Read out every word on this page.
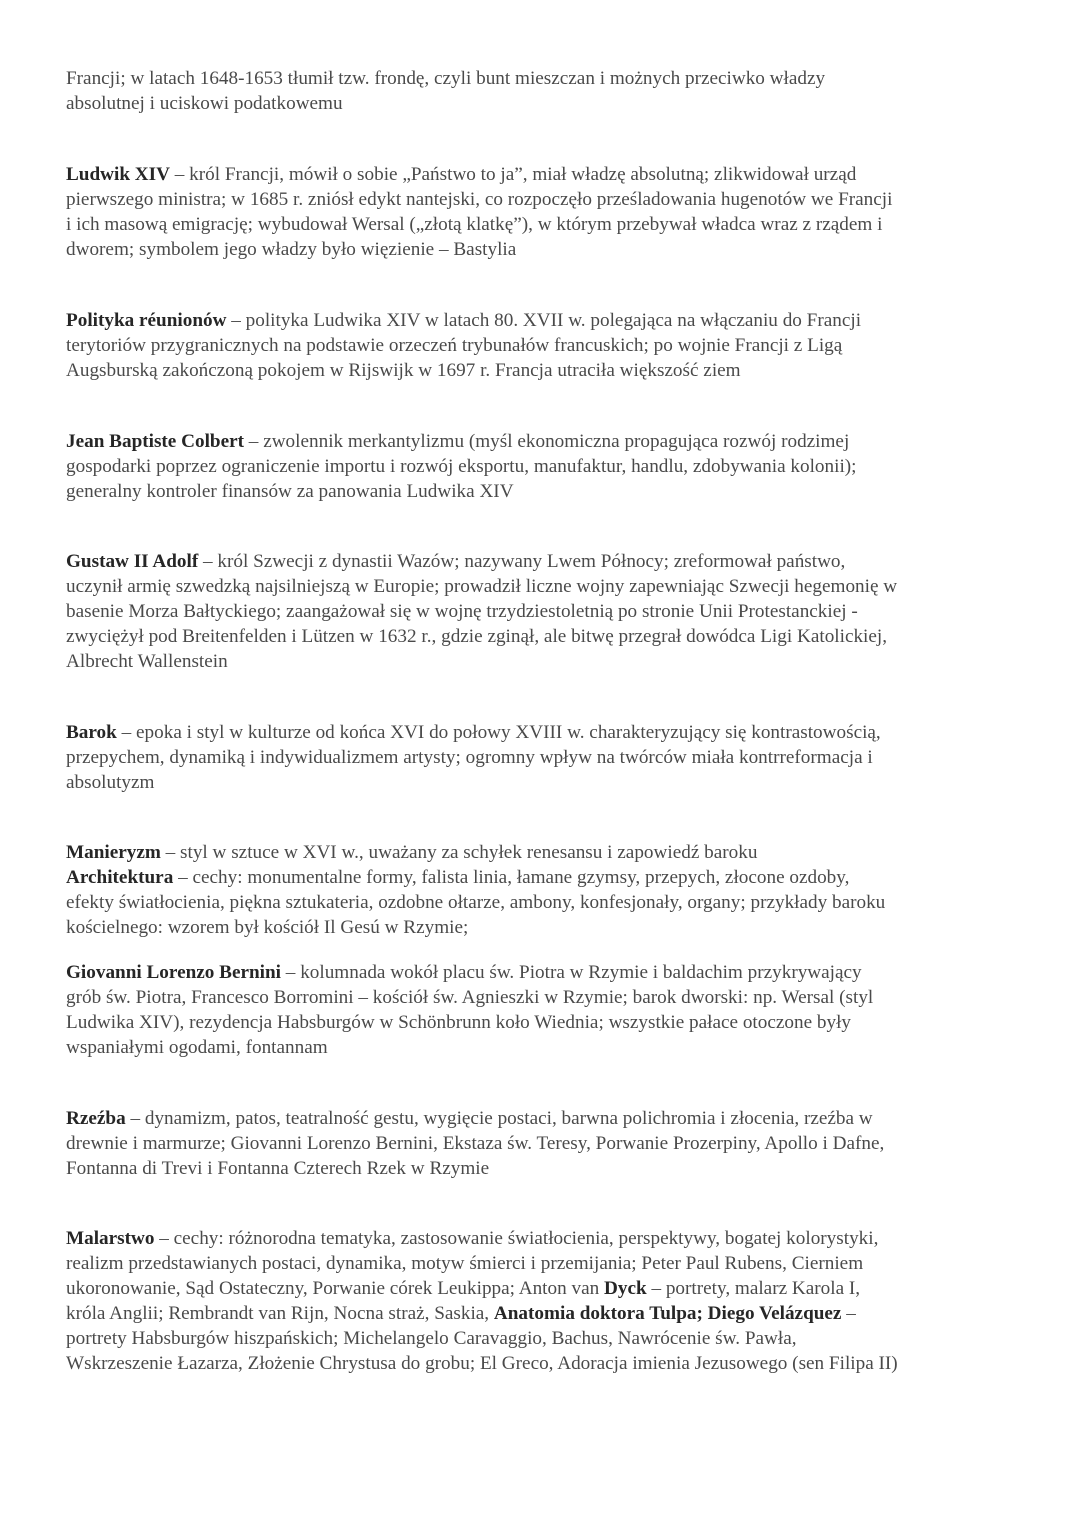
Francji; w latach 1648-1653 tłumił tzw. frondę, czyli bunt mieszczan i możnych przeciwko władzy
absolutnej i uciskowi podatkowemu
Ludwik XIV – król Francji, mówił o sobie „Państwo to ja”, miał władzę absolutną; zlikwidował urząd
pierwszego ministra; w 1685 r. zniósł edykt nantejski, co rozpoczęło prześladowania hugenotów we Francji
i ich masową emigrację; wybudował Wersal („złotą klatkę”), w którym przebywał władca wraz z rządem i
dworem; symbolem jego władzy było więzienie – Bastylia
Polityka réunionów – polityka Ludwika XIV w latach 80. XVII w. polegająca na włączaniu do Francji
terytoriów przygranicznych na podstawie orzeczeń trybunałów francuskich; po wojnie Francji z Ligą
Augsburską zakończoną pokojem w Rijswijk w 1697 r. Francja utraciła większość ziem
Jean Baptiste Colbert – zwolennik merkantylizmu (myśl ekonomiczna propagująca rozwój rodzimej
gospodarki poprzez ograniczenie importu i rozwój eksportu, manufaktur, handlu, zdobywania kolonii);
generalny kontroler finansów za panowania Ludwika XIV
Gustaw II Adolf – król Szwecji z dynastii Wazów; nazywany Lwem Północy; zreformował państwo,
uczynił armię szwedzką najsilniejszą w Europie; prowadził liczne wojny zapewniając Szwecji hegemonię w
basenie Morza Bałtyckiego; zaangażował się w wojnę trzydziestoletnią po stronie Unii Protestanckiej -
zwyciężył pod Breitenfelden i Lützen w 1632 r., gdzie zginął, ale bitwę przegrał dowódca Ligi Katolickiej,
Albrecht Wallenstein
Barok – epoka i styl w kulturze od końca XVI do połowy XVIII w. charakteryzujący się kontrastowością,
przepychem, dynamiką i indywidualizmem artysty; ogromny wpływ na twórców miała kontrreformacja i
absolutyzm
Manieryzm – styl w sztuce w XVI w., uważany za schyłek renesansu i zapowiedź baroku
Architektura – cechy: monumentalne formy, falista linia, łamane gzymsy, przepych, złocone ozdoby,
efekty światłocienia, piękna sztukateria, ozdobne ołtarze, ambony, konfesjonały, organy; przykłady baroku
kościelnego: wzorem był kościół Il Gesú w Rzymie;
Giovanni Lorenzo Bernini – kolumnada wokół placu św. Piotra w Rzymie i baldachim przykrywający
grób św. Piotra, Francesco Borromini – kościół św. Agnieszki w Rzymie; barok dworski: np. Wersal (styl
Ludwika XIV), rezydencja Habsburgów w Schönbrunn koło Wiednia; wszystkie pałace otoczone były
wspaniałymi ogodami, fontannam
Rzeźba – dynamizm, patos, teatralność gestu, wygięcie postaci, barwna polichromia i złocenia, rzeźba w
drewnie i marmurze; Giovanni Lorenzo Bernini, Ekstaza św. Teresy, Porwanie Prozerpiny, Apollo i Dafne,
Fontanna di Trevi i Fontanna Czterech Rzek w Rzymie
Malarstwo – cechy: różnorodna tematyka, zastosowanie światłocienia, perspektywy, bogatej kolorystyki,
realizm przedstawianych postaci, dynamika, motyw śmierci i przemijania; Peter Paul Rubens, Cierniem
ukoronowanie, Sąd Ostateczny, Porwanie córek Leukippa; Anton van Dyck – portrety, malarz Karola I,
króla Anglii; Rembrandt van Rijn, Nocna straż, Saskia, Anatomia doktora Tulpa; Diego Velázquez –
portrety Habsburgów hiszpańskich; Michelangelo Caravaggio, Bachus, Nawrócenie św. Pawła,
Wskrzeszenie Łazarza, Złożenie Chrystusa do grobu; El Greco, Adoracja imienia Jezusowego (sen Filipa II)
